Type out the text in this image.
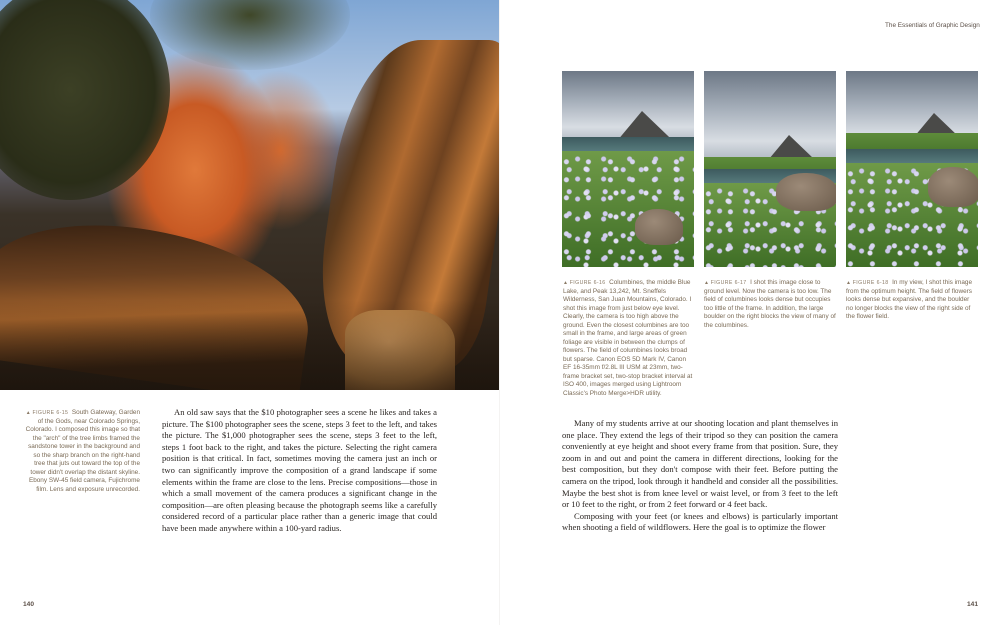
▲ FIGURE 6-15 South Gateway, Garden of the Gods, near Colorado Springs, Colorado. I composed this image so that the "arch" of the tree limbs framed the sandstone tower in the background and so the sharp branch on the right-hand tree that juts out toward the top of the tower didn't overlap the distant skyline. Ebony SW-45 field camera, Fujichrome film. Lens and exposure unrecorded.

An old saw says that the $10 photographer sees a scene he likes and takes a picture. The $100 photographer sees the scene, steps 3 feet to the left, and takes the picture. The $1,000 photographer sees the scene, steps 3 feet to the left, steps 1 foot back to the right, and takes the picture. Selecting the right camera position is that critical. In fact, sometimes moving the camera just an inch or two can significantly improve the composition of a grand landscape if some elements within the frame are close to the lens. Precise compositions—those in which a small movement of the camera produces a significant change in the composition—are often pleasing because the photograph seems like a carefully considered record of a particular place rather than a generic image that could have been made anywhere within a 100-yard radius.

140
The Essentials of Graphic Design
▲ FIGURE 6-16 Columbines, the middle Blue Lake, and Peak 13,242, Mt. Sneffels Wilderness, San Juan Mountains, Colorado. I shot this image from just below eye level. Clearly, the camera is too high above the ground. Even the closest columbines are too small in the frame, and large areas of green foliage are visible in between the clumps of flowers. The field of columbines looks broad but sparse. Canon EOS 5D Mark IV, Canon EF 16-35mm f/2.8L III USM at 23mm, two-frame bracket set, two-stop bracket interval at ISO 400, images merged using Lightroom Classic's Photo Merge>HDR utility.
▲ FIGURE 6-17 I shot this image close to ground level. Now the camera is too low. The field of columbines looks dense but occupies too little of the frame. In addition, the large boulder on the right blocks the view of many of the columbines.
▲ FIGURE 6-18 In my view, I shot this image from the optimum height. The field of flowers looks dense but expansive, and the boulder no longer blocks the view of the right side of the flower field.

Many of my students arrive at our shooting location and plant themselves in one place. They extend the legs of their tripod so they can position the camera conveniently at eye height and shoot every frame from that position. Sure, they zoom in and out and point the camera in different directions, looking for the best composition, but they don't compose with their feet. Before putting the camera on the tripod, look through it handheld and consider all the possibilities. Maybe the best shot is from knee level or waist level, or from 3 feet to the left or 10 feet to the right, or from 2 feet forward or 4 feet back.

Composing with your feet (or knees and elbows) is particularly important when shooting a field of wildflowers. Here the goal is to optimize the flower

141
